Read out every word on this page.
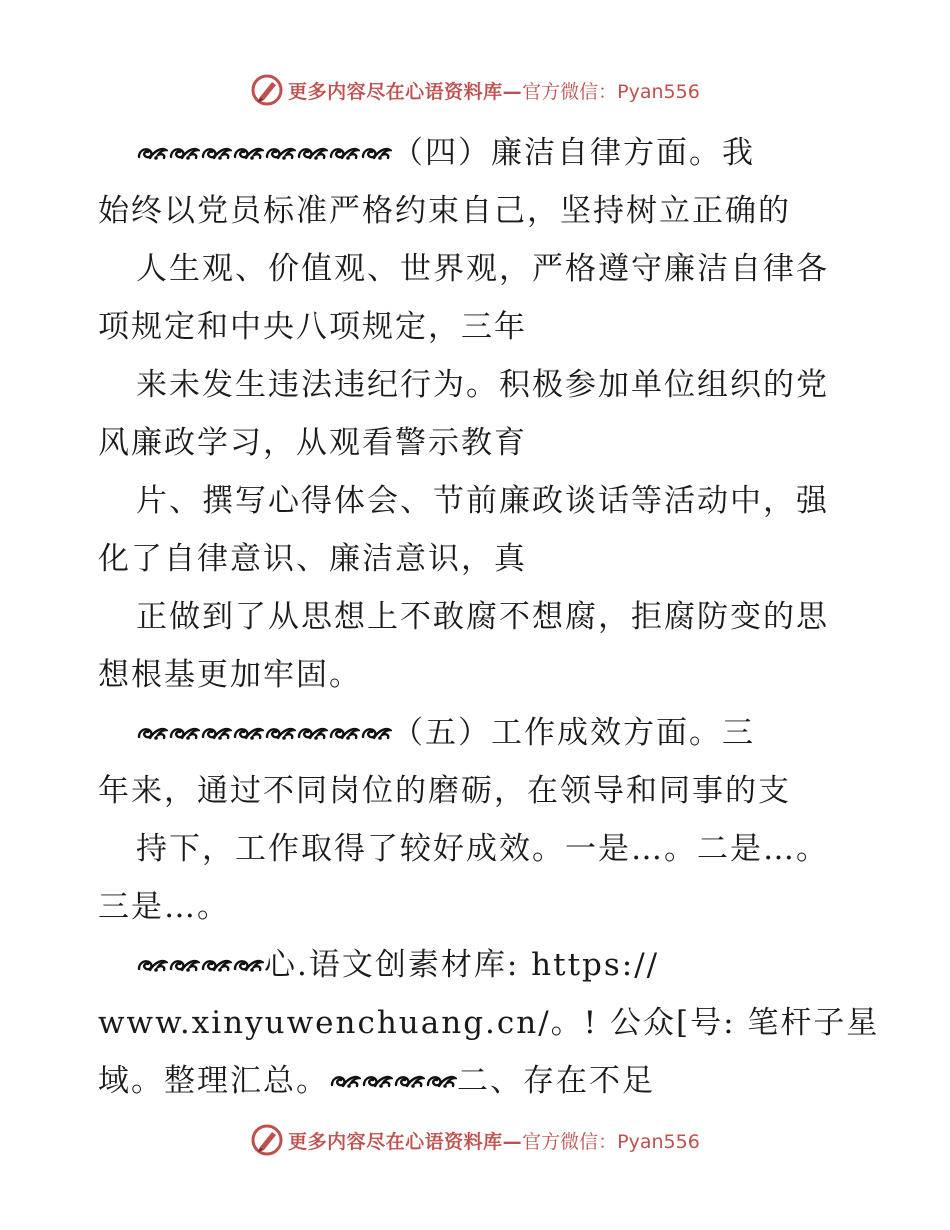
更多内容尽在心语资料库— 官方微信：Pyan556
（四）廉洁自律方面。我
始终以党员标准严格约束自己，坚持树立正确的
人生观、价值观、世界观，严格遵守廉洁自律各
项规定和中央八项规定，三年
来未发生违法违纪行为。积极参加单位组织的党
风廉政学习，从观看警示教育
片、撰写心得体会、节前廉政谈话等活动中，强
化了自律意识、廉洁意识，真
正做到了从思想上不敢腐不想腐，拒腐防变的思
想根基更加牢固。
（五）工作成效方面。三
年来，通过不同岗位的磨砺，在领导和同事的支
持下，工作取得了较好成效。一是…。二是…。
三是…。
心.语文创素材库: https://
www.xinyuwenchuang.cn/。! 公众[号: 笔杆子星
域。整理汇总。	二、存在不足
更多内容尽在心语资料库— 官方微信：Pyan556
